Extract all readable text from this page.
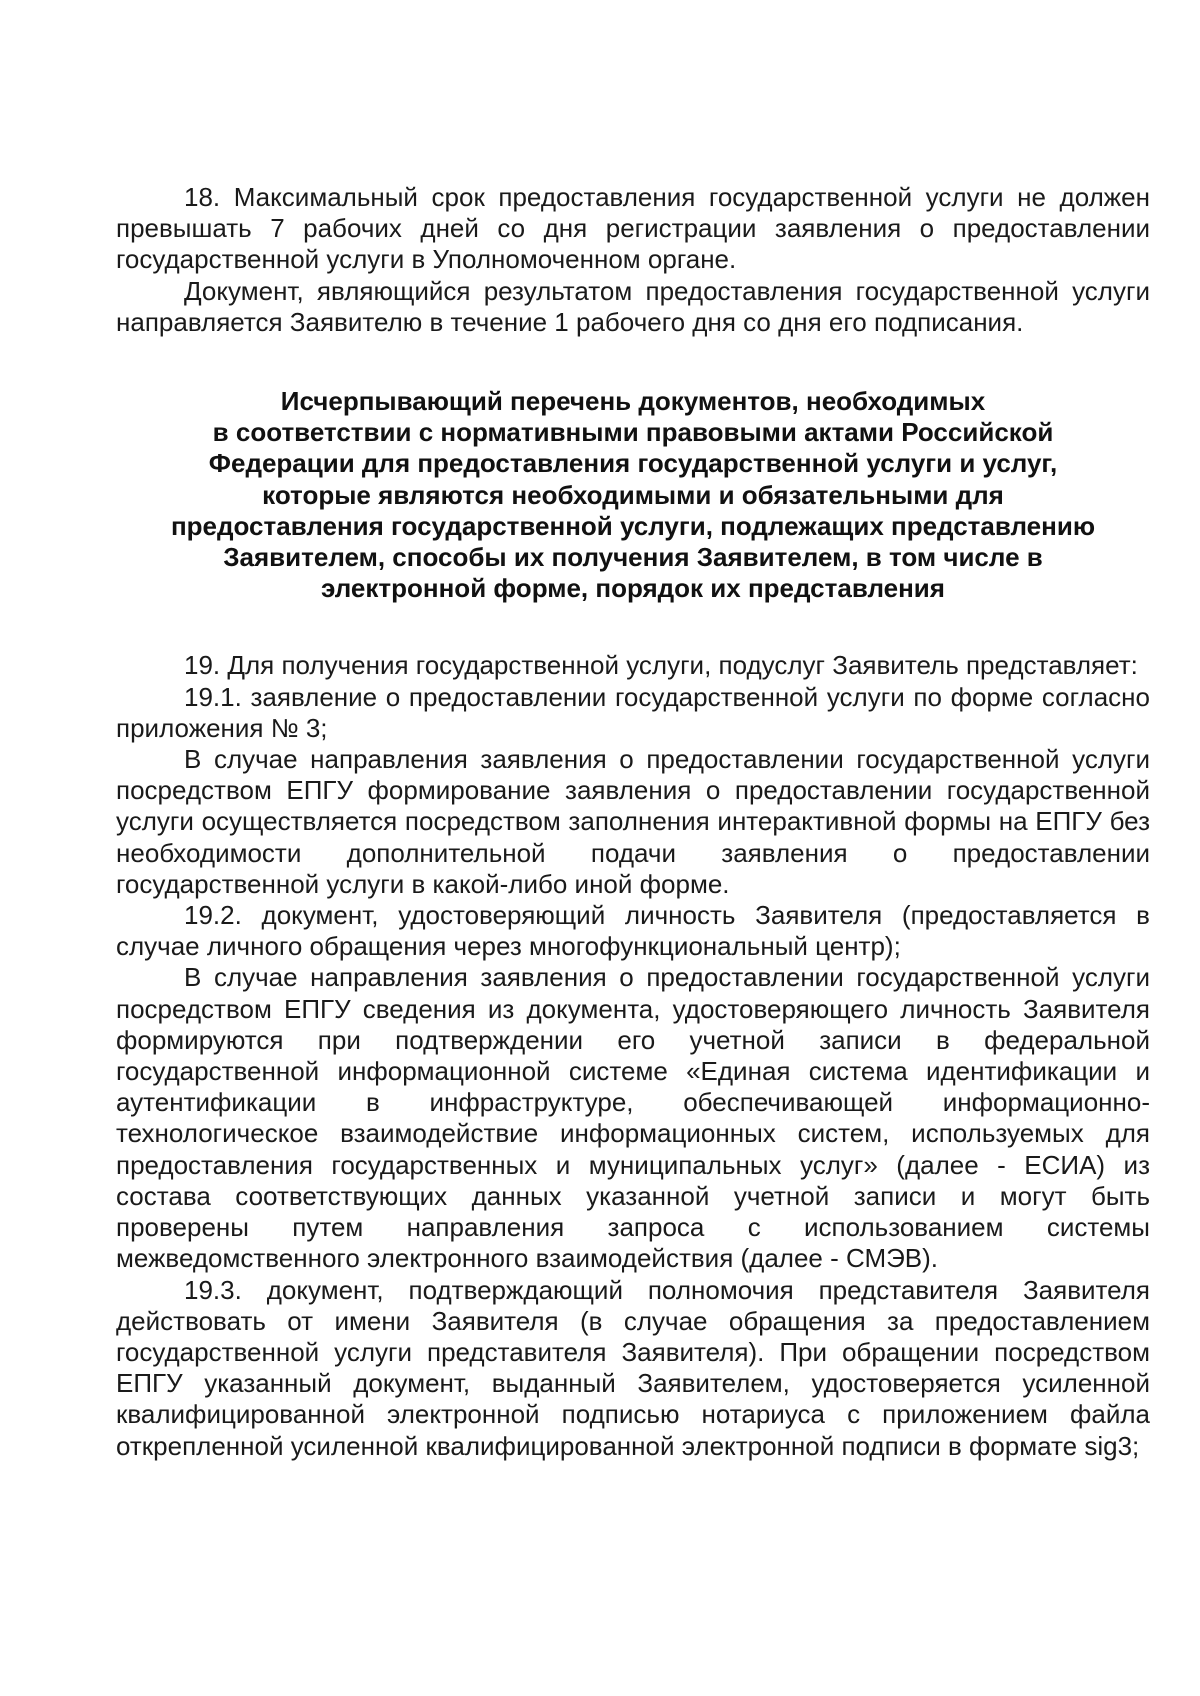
18. Максимальный срок предоставления государственной услуги не должен превышать 7 рабочих дней со дня регистрации заявления о предоставлении государственной услуги в Уполномоченном органе.

Документ, являющийся результатом предоставления государственной услуги направляется Заявителю в течение 1 рабочего дня со дня его подписания.

Исчерпывающий перечень документов, необходимых
в соответствии с нормативными правовыми актами Российской
Федерации для предоставления государственной услуги и услуг,
которые являются необходимыми и обязательными для
предоставления государственной услуги, подлежащих представлению
Заявителем, способы их получения Заявителем, в том числе в
электронной форме, порядок их представления

19. Для получения государственной услуги, подуслуг Заявитель представляет:

19.1. заявление о предоставлении государственной услуги по форме согласно приложения № 3;

В случае направления заявления о предоставлении государственной услуги посредством ЕПГУ формирование заявления о предоставлении государственной услуги осуществляется посредством заполнения интерактивной формы на ЕПГУ без необходимости дополнительной подачи заявления о предоставлении государственной услуги в какой-либо иной форме.

19.2. документ, удостоверяющий личность Заявителя (предоставляется в случае личного обращения через многофункциональный центр);

В случае направления заявления о предоставлении государственной услуги посредством ЕПГУ сведения из документа, удостоверяющего личность Заявителя формируются при подтверждении его учетной записи в федеральной государственной информационной системе «Единая система идентификации и аутентификации в инфраструктуре, обеспечивающей информационно-технологическое взаимодействие информационных систем, используемых для предоставления государственных и муниципальных услуг» (далее - ЕСИА) из состава соответствующих данных указанной учетной записи и могут быть проверены путем направления запроса с использованием системы межведомственного электронного взаимодействия (далее - СМЭВ).

19.3. документ, подтверждающий полномочия представителя Заявителя действовать от имени Заявителя (в случае обращения за предоставлением государственной услуги представителя Заявителя). При обращении посредством ЕПГУ указанный документ, выданный Заявителем, удостоверяется усиленной квалифицированной электронной подписью нотариуса с приложением файла открепленной усиленной квалифицированной электронной подписи в формате sig3;
